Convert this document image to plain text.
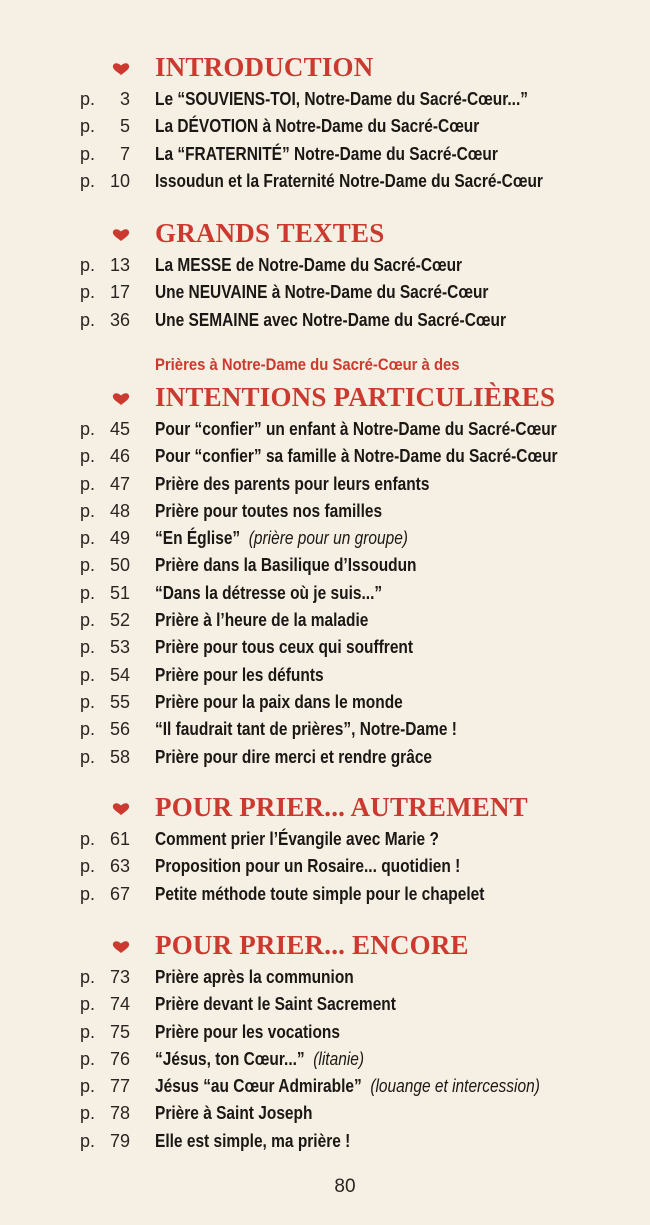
INTRODUCTION
p.	3 Le “SOUVIENS-TOI, Notre-Dame du Sacré-Cœur...”
p.	5 La DÉVOTION à Notre-Dame du Sacré-Cœur
p.	7 La “FRATERNITÉ” Notre-Dame du Sacré-Cœur
p. 10 Issoudun et la Fraternité Notre-Dame du Sacré-Cœur
GRANDS TEXTES
p. 13 La MESSE de Notre-Dame du Sacré-Cœur
p. 17 Une NEUVAINE à Notre-Dame du Sacré-Cœur
p. 36 Une SEMAINE avec Notre-Dame du Sacré-Cœur
Prières à Notre-Dame du Sacré-Cœur à des
INTENTIONS PARTICULIÈRES
p. 45 Pour “confier” un enfant à Notre-Dame du Sacré-Cœur
p. 46 Pour “confier” sa famille à Notre-Dame du Sacré-Cœur
p. 47 Prière des parents pour leurs enfants
p. 48 Prière pour toutes nos familles
p. 49 “En Église” (prière pour un groupe)
p. 50 Prière dans la Basilique d’Issoudun
p. 51 “Dans la détresse où je suis...”
p. 52 Prière à l’heure de la maladie
p. 53 Prière pour tous ceux qui souffrent
p. 54 Prière pour les défunts
p. 55 Prière pour la paix dans le monde
p. 56 “Il faudrait tant de prières”, Notre-Dame !
p. 58 Prière pour dire merci et rendre grâce
POUR PRIER... AUTREMENT
p. 61 Comment prier l’Évangile avec Marie ?
p. 63 Proposition pour un Rosaire... quotidien !
p. 67 Petite méthode toute simple pour le chapelet
POUR PRIER... ENCORE
p. 73 Prière après la communion
p. 74 Prière devant le Saint Sacrement
p. 75 Prière pour les vocations
p. 76 “Jésus, ton Cœur...” (litanie)
p. 77 Jésus “au Cœur Admirable” (louange et intercession)
p. 78 Prière à Saint Joseph
p. 79 Elle est simple, ma prière !
80
